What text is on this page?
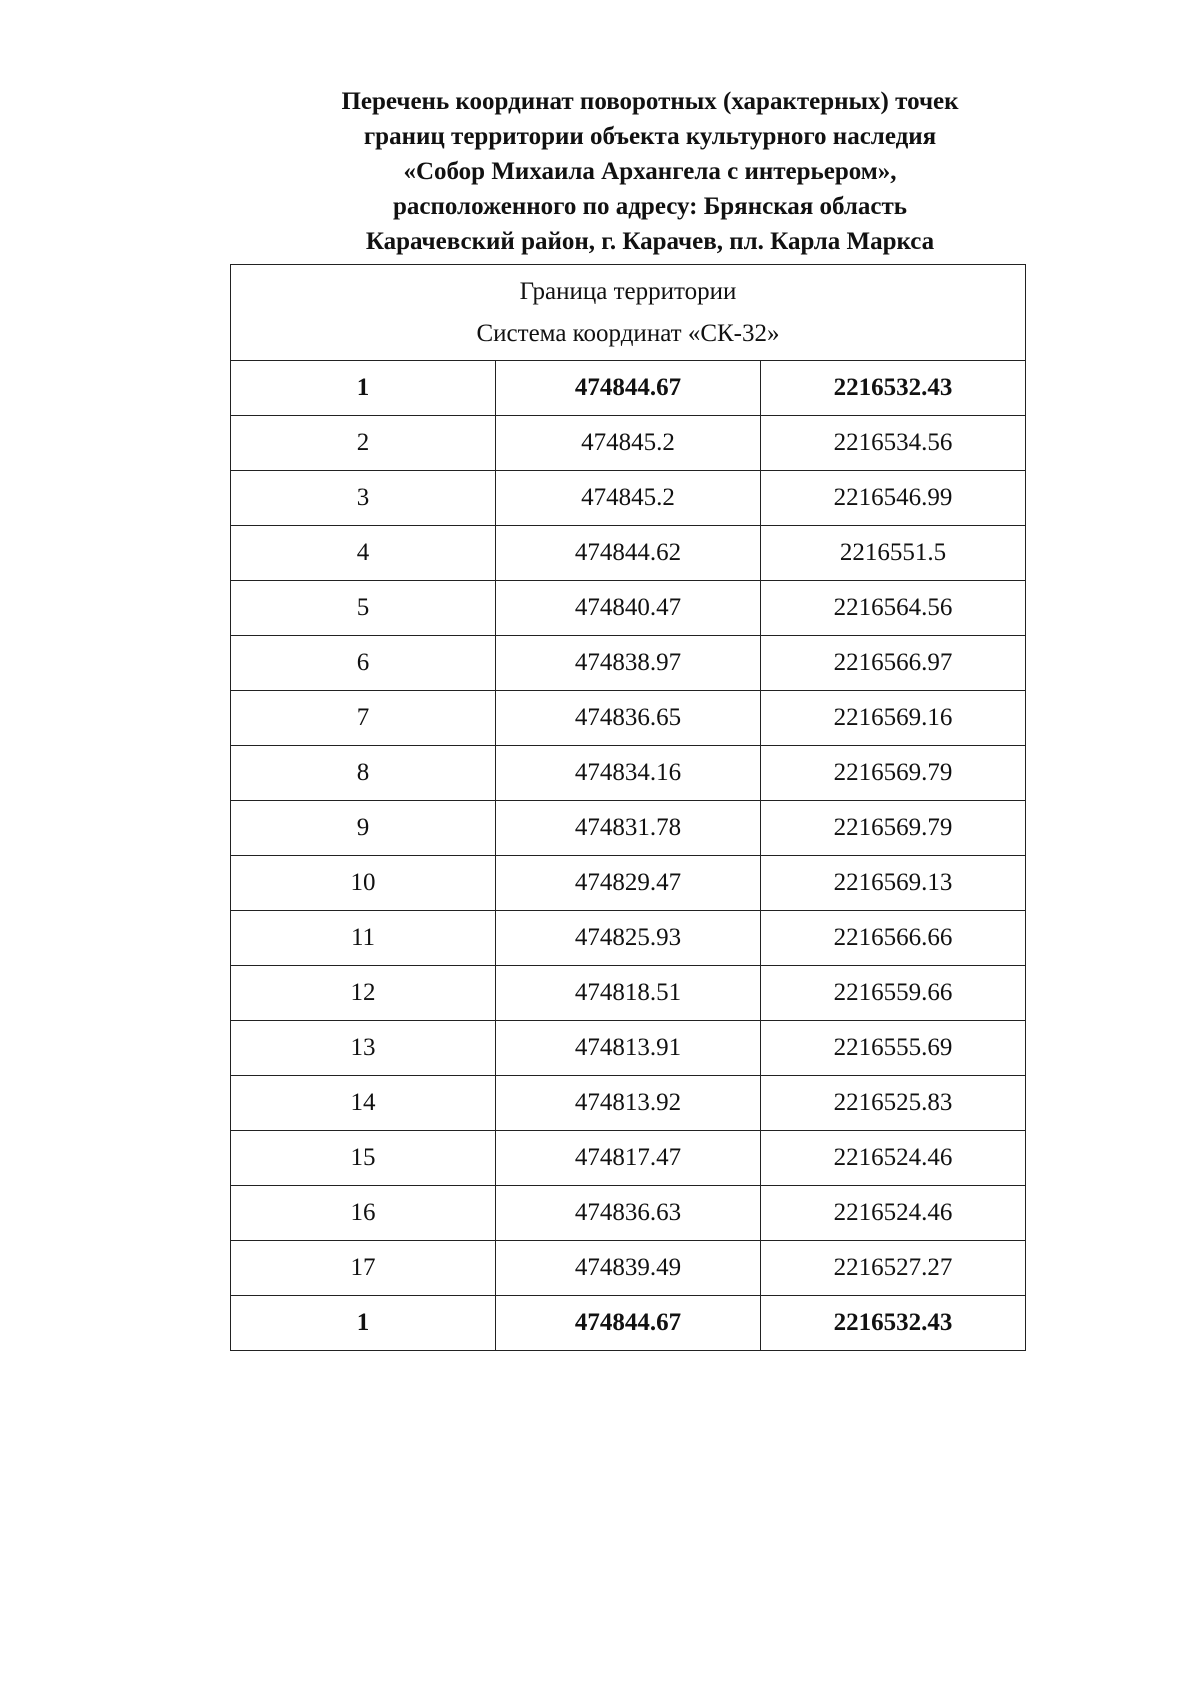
Перечень координат поворотных (характерных) точек
границ территории объекта культурного наследия
«Собор Михаила Архангела с интерьером»,
расположенного по адресу: Брянская область
Карачевский район, г. Карачев, пл. Карла Маркса
Граница территории
Система координат «СК-32»		

1	474844.67	2216532.43
2	474845.2	2216534.56
3	474845.2	2216546.99
4	474844.62	2216551.5
5	474840.47	2216564.56
6	474838.97	2216566.97
7	474836.65	2216569.16
8	474834.16	2216569.79
9	474831.78	2216569.79
10	474829.47	2216569.13
11	474825.93	2216566.66
12	474818.51	2216559.66
13	474813.91	2216555.69
14	474813.92	2216525.83
15	474817.47	2216524.46
16	474836.63	2216524.46
17	474839.49	2216527.27
1	474844.67	2216532.43
